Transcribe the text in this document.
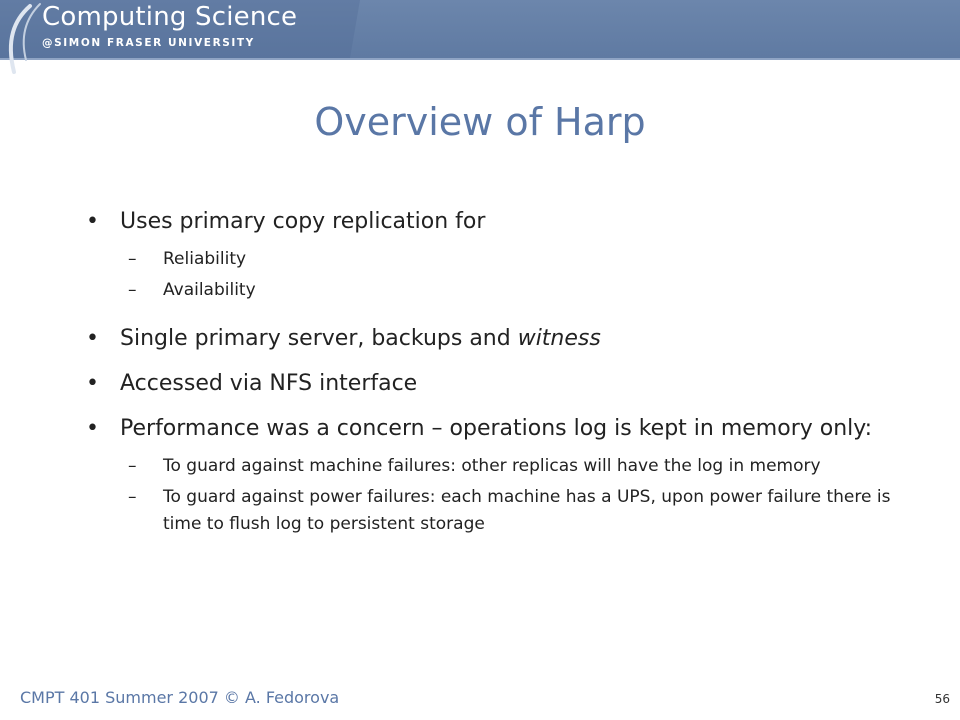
Computing Science
@SIMON FRASER UNIVERSITY
Overview of Harp
• Uses primary copy replication for
– Reliability
– Availability
• Single primary server, backups and witness
• Accessed via NFS interface
• Performance was a concern – operations log is kept in memory only:
– To guard against machine failures: other replicas will have the log in memory
– To guard against power failures: each machine has a UPS, upon power failure there is time to flush log to persistent storage
CMPT 401 Summer 2007 © A. Fedorova	56
